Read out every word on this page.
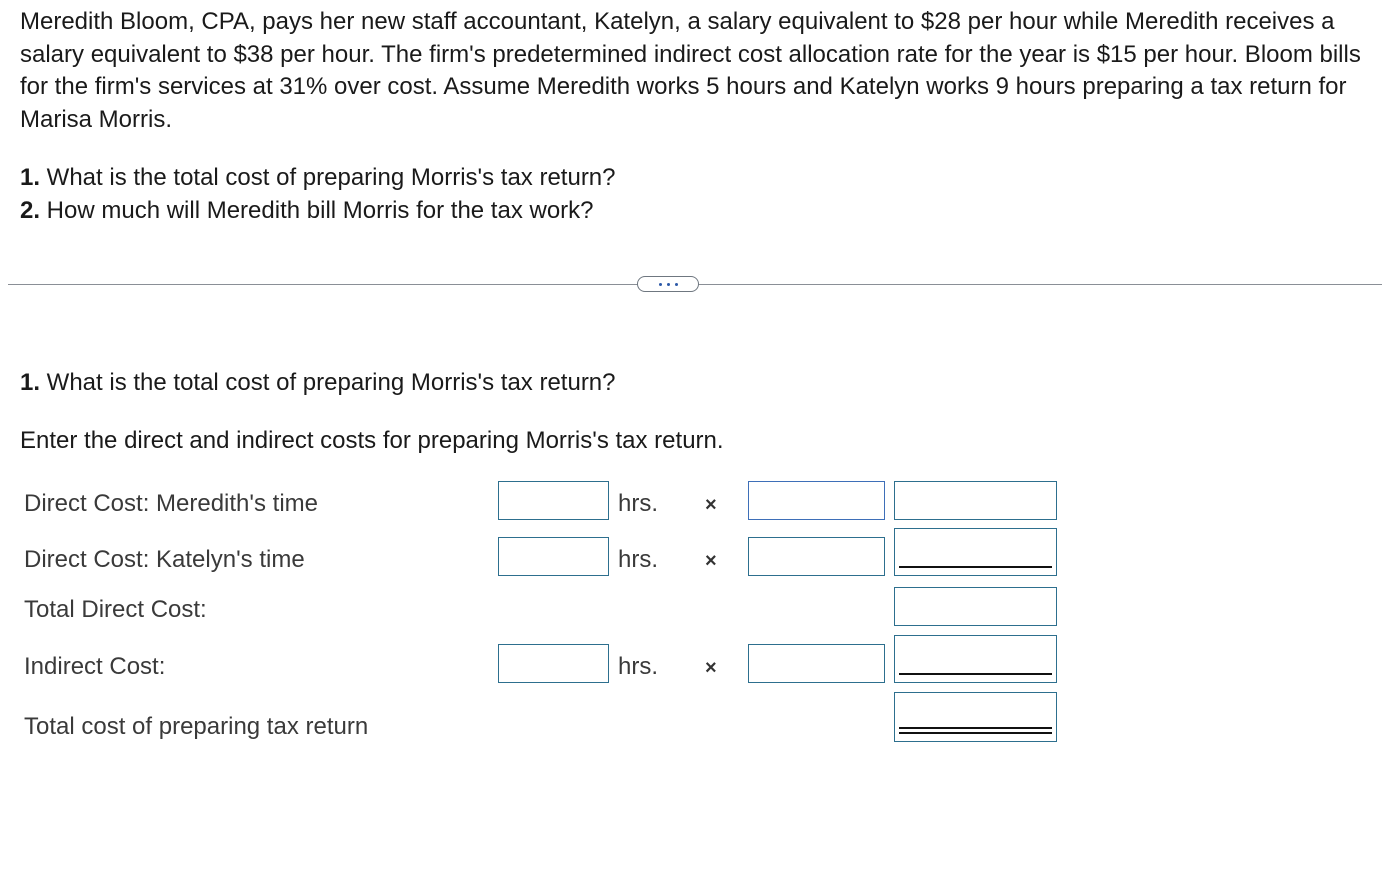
Meredith Bloom, CPA, pays her new staff accountant, Katelyn, a salary equivalent to $28 per hour while Meredith receives a salary equivalent to $38 per hour. The firm's predetermined indirect cost allocation rate for the year is $15 per hour. Bloom bills for the firm's services at 31% over cost. Assume Meredith works 5 hours and Katelyn works 9 hours preparing a tax return for Marisa Morris.

1. What is the total cost of preparing Morris's tax return?
2. How much will Meredith bill Morris for the tax work?
1. What is the total cost of preparing Morris's tax return?
Enter the direct and indirect costs for preparing Morris's tax return.
Direct Cost: Meredith's time	hrs. ×
Direct Cost: Katelyn's time	hrs. ×
Total Direct Cost:
Indirect Cost:	hrs. ×
Total cost of preparing tax return
